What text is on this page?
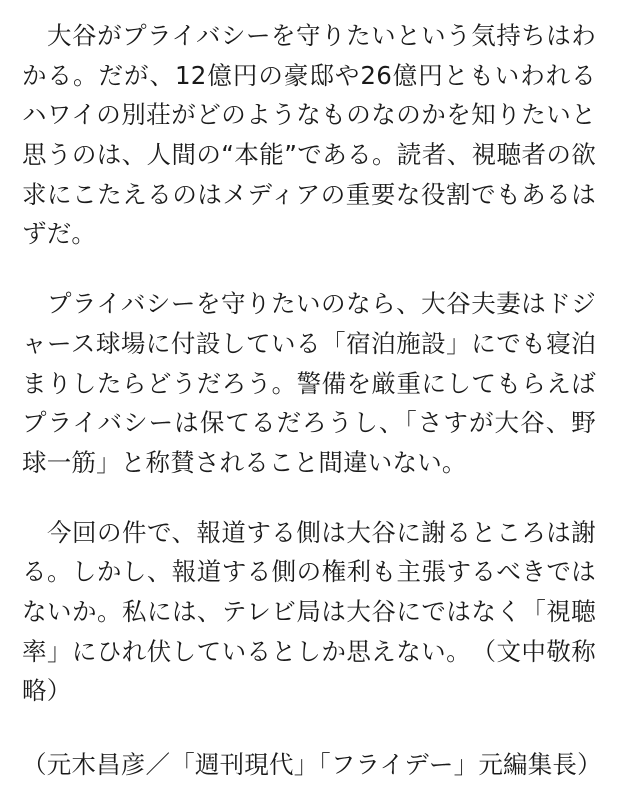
　大谷がプライバシーを守りたいという気持ちはわかる。だが、12億円の豪邸や26億円ともいわれるハワイの別荘がどのようなものなのかを知りたいと思うのは、人間の“本能”である。読者、視聴者の欲求にこたえるのはメディアの重要な役割でもあるはずだ。

　プライバシーを守りたいのなら、大谷夫妻はドジャース球場に付設している「宿泊施設」にでも寝泊まりしたらどうだろう。警備を厳重にしてもらえばプライバシーは保てるだろうし、「さすが大谷、野球一筋」と称賛されること間違いない。

　今回の件で、報道する側は大谷に謝るところは謝る。しかし、報道する側の権利も主張するべきではないか。私には、テレビ局は大谷にではなく「視聴率」にひれ伏しているとしか思えない。　（文中敬称略）

（元木昌彦／「週刊現代」「フライデー」元編集長）
